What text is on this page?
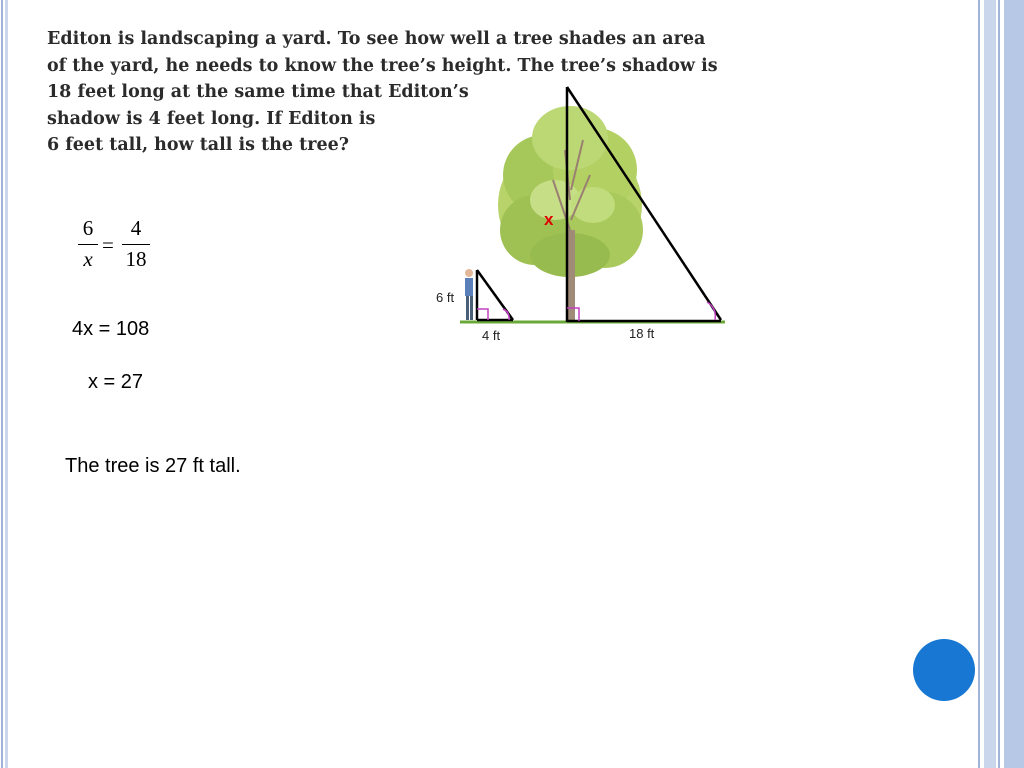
Editon is landscaping a yard. To see how well a tree shades an area
of the yard, he needs to know the tree’s height. The tree’s shadow is
18 feet long at the same time that Editon’s
shadow is 4 feet long. If Editon is
6 feet tall, how tall is the tree?

6
x
=
4
18
4x = 108
x = 27
The tree is 27 ft tall.
x
6 ft
4 ft	18 ft
